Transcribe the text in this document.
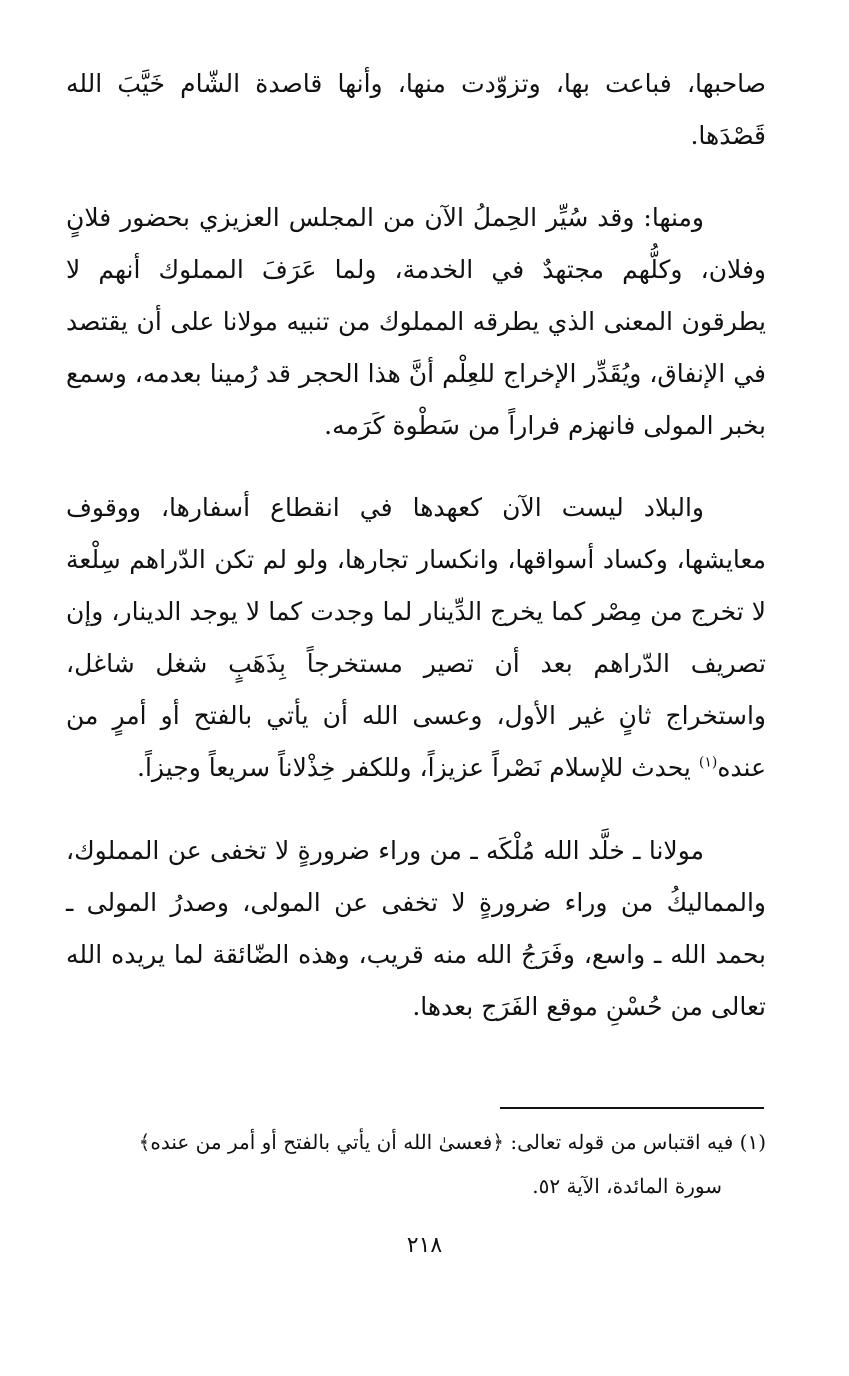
صاحبها، فباعت بها، وتزوّدت منها، وأنها قاصدة الشّام خَيَّبَ الله قَصْدَها.

ومنها: وقد سُيِّر الحِملُ الآن من المجلس العزيزي بحضور فلانٍ وفلان، وكلُّهم مجتهدٌ في الخدمة، ولما عَرَفَ المملوك أنهم لا يطرقون المعنى الذي يطرقه المملوك من تنبيه مولانا على أن يقتصد في الإنفاق، ويُقَدِّر الإخراج للعِلْم أنَّ هذا الحجر قد رُمينا بعدمه، وسمع بخبر المولى فانهزم فراراً من سَطْوة كَرَمه.

والبلاد ليست الآن كعهدها في انقطاع أسفارها، ووقوف معايشها، وكساد أسواقها، وانكسار تجارها، ولو لم تكن الدّراهم سِلْعة لا تخرج من مِصْر كما يخرج الدِّينار لما وجدت كما لا يوجد الدينار، وإن تصريف الدّراهم بعد أن تصير مستخرجاً بِذَهَبٍ شغل شاغل، واستخراج ثانٍ غير الأول، وعسى الله أن يأتي بالفتح أو أمرٍ من عنده$^{(١)}$ يحدث للإسلام نَصْراً عزيزاً، وللكفر خِذْلاناً سريعاً وجيزاً.

مولانا ـ خلَّد الله مُلْكَه ـ من وراء ضرورةٍ لا تخفى عن المملوك، والمماليكُ من وراء ضرورةٍ لا تخفى عن المولى، وصدرُ المولى ـ بحمد الله ـ واسع، وفَرَجُ الله منه قريب، وهذه الضّائقة لما يريده الله تعالى من حُسْنِ موقع الفَرَج بعدها.

(١) فيه اقتباس من قوله تعالى: ﴿فعسىٰ الله أن يأتي بالفتح أو أمر من عنده﴾
سورة المائدة، الآية ٥٢.
٢١٨
